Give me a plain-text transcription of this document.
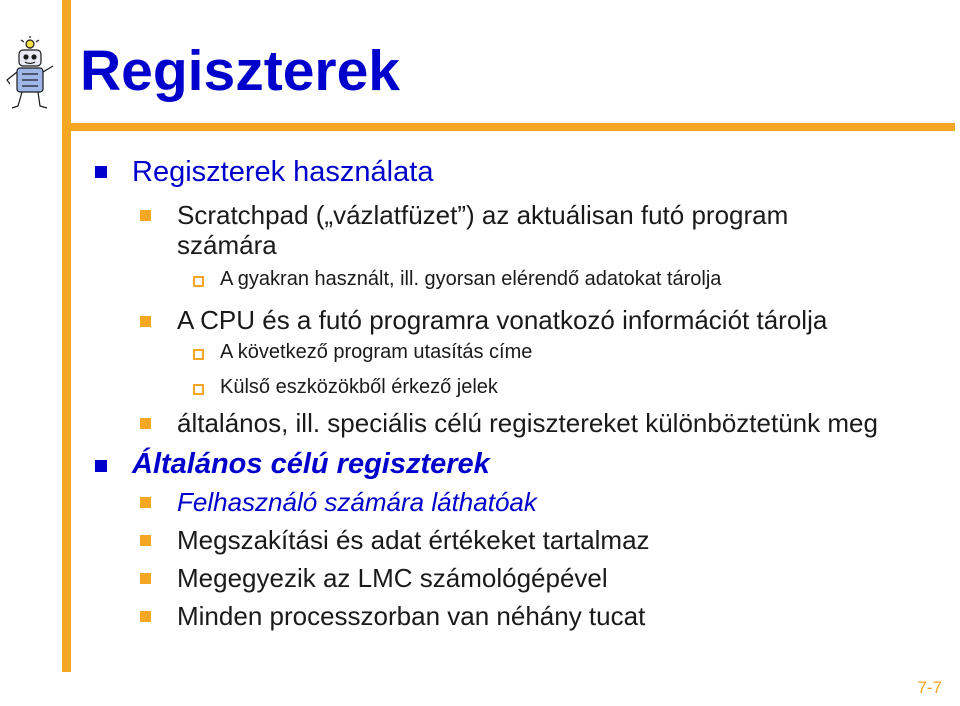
Regiszterek
Regiszterek használata
Scratchpad („vázlatfüzet”) az aktuálisan futó program
számára
A gyakran használt, ill. gyorsan elérendő adatokat tárolja
A CPU és a futó programra vonatkozó információt tárolja
A következő program utasítás címe
Külső eszközökből érkező jelek
általános, ill. speciális célú regisztereket különböztetünk meg
Általános célú regiszterek
Felhasználó számára láthatóak
Megszakítási és adat értékeket tartalmaz
Megegyezik az LMC számológépével
Minden processzorban van néhány tucat
7-7
